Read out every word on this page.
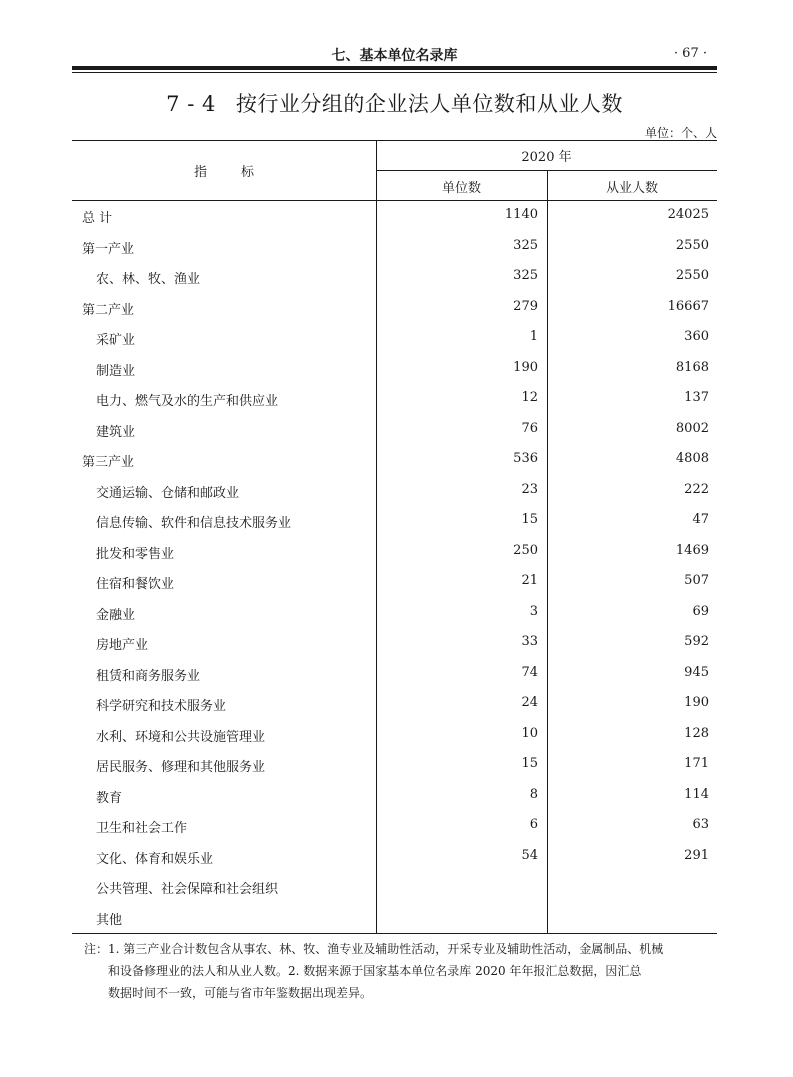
七、基本单位名录库	· 67 ·
7 - 4 按行业分组的企业法人单位数和从业人数
单位：个、人
指标
2020 年
单位数	从业人数
总 计	1140	24025
第一产业	325	2550
农、林、牧、渔业	325	2550
第二产业	279	16667
采矿业	1	360
制造业	190	8168
电力、燃气及水的生产和供应业	12	137
建筑业	76	8002
第三产业	536	4808
交通运输、仓储和邮政业	23	222
信息传输、软件和信息技术服务业	15	47
批发和零售业	250	1469
住宿和餐饮业	21	507
金融业	3	69
房地产业	33	592
租赁和商务服务业	74	945
科学研究和技术服务业	24	190
水利、环境和公共设施管理业	10	128
居民服务、修理和其他服务业	15	171
教育	8	114
卫生和社会工作	6	63
文化、体育和娱乐业	54	291
公共管理、社会保障和社会组织
其他

注：1. 第三产业合计数包含从事农、林、牧、渔专业及辅助性活动，开采专业及辅助性活动，金属制品、机械

和设备修理业的法人和从业人数。2. 数据来源于国家基本单位名录库 2020 年年报汇总数据，因汇总

数据时间不一致，可能与省市年鉴数据出现差异。
